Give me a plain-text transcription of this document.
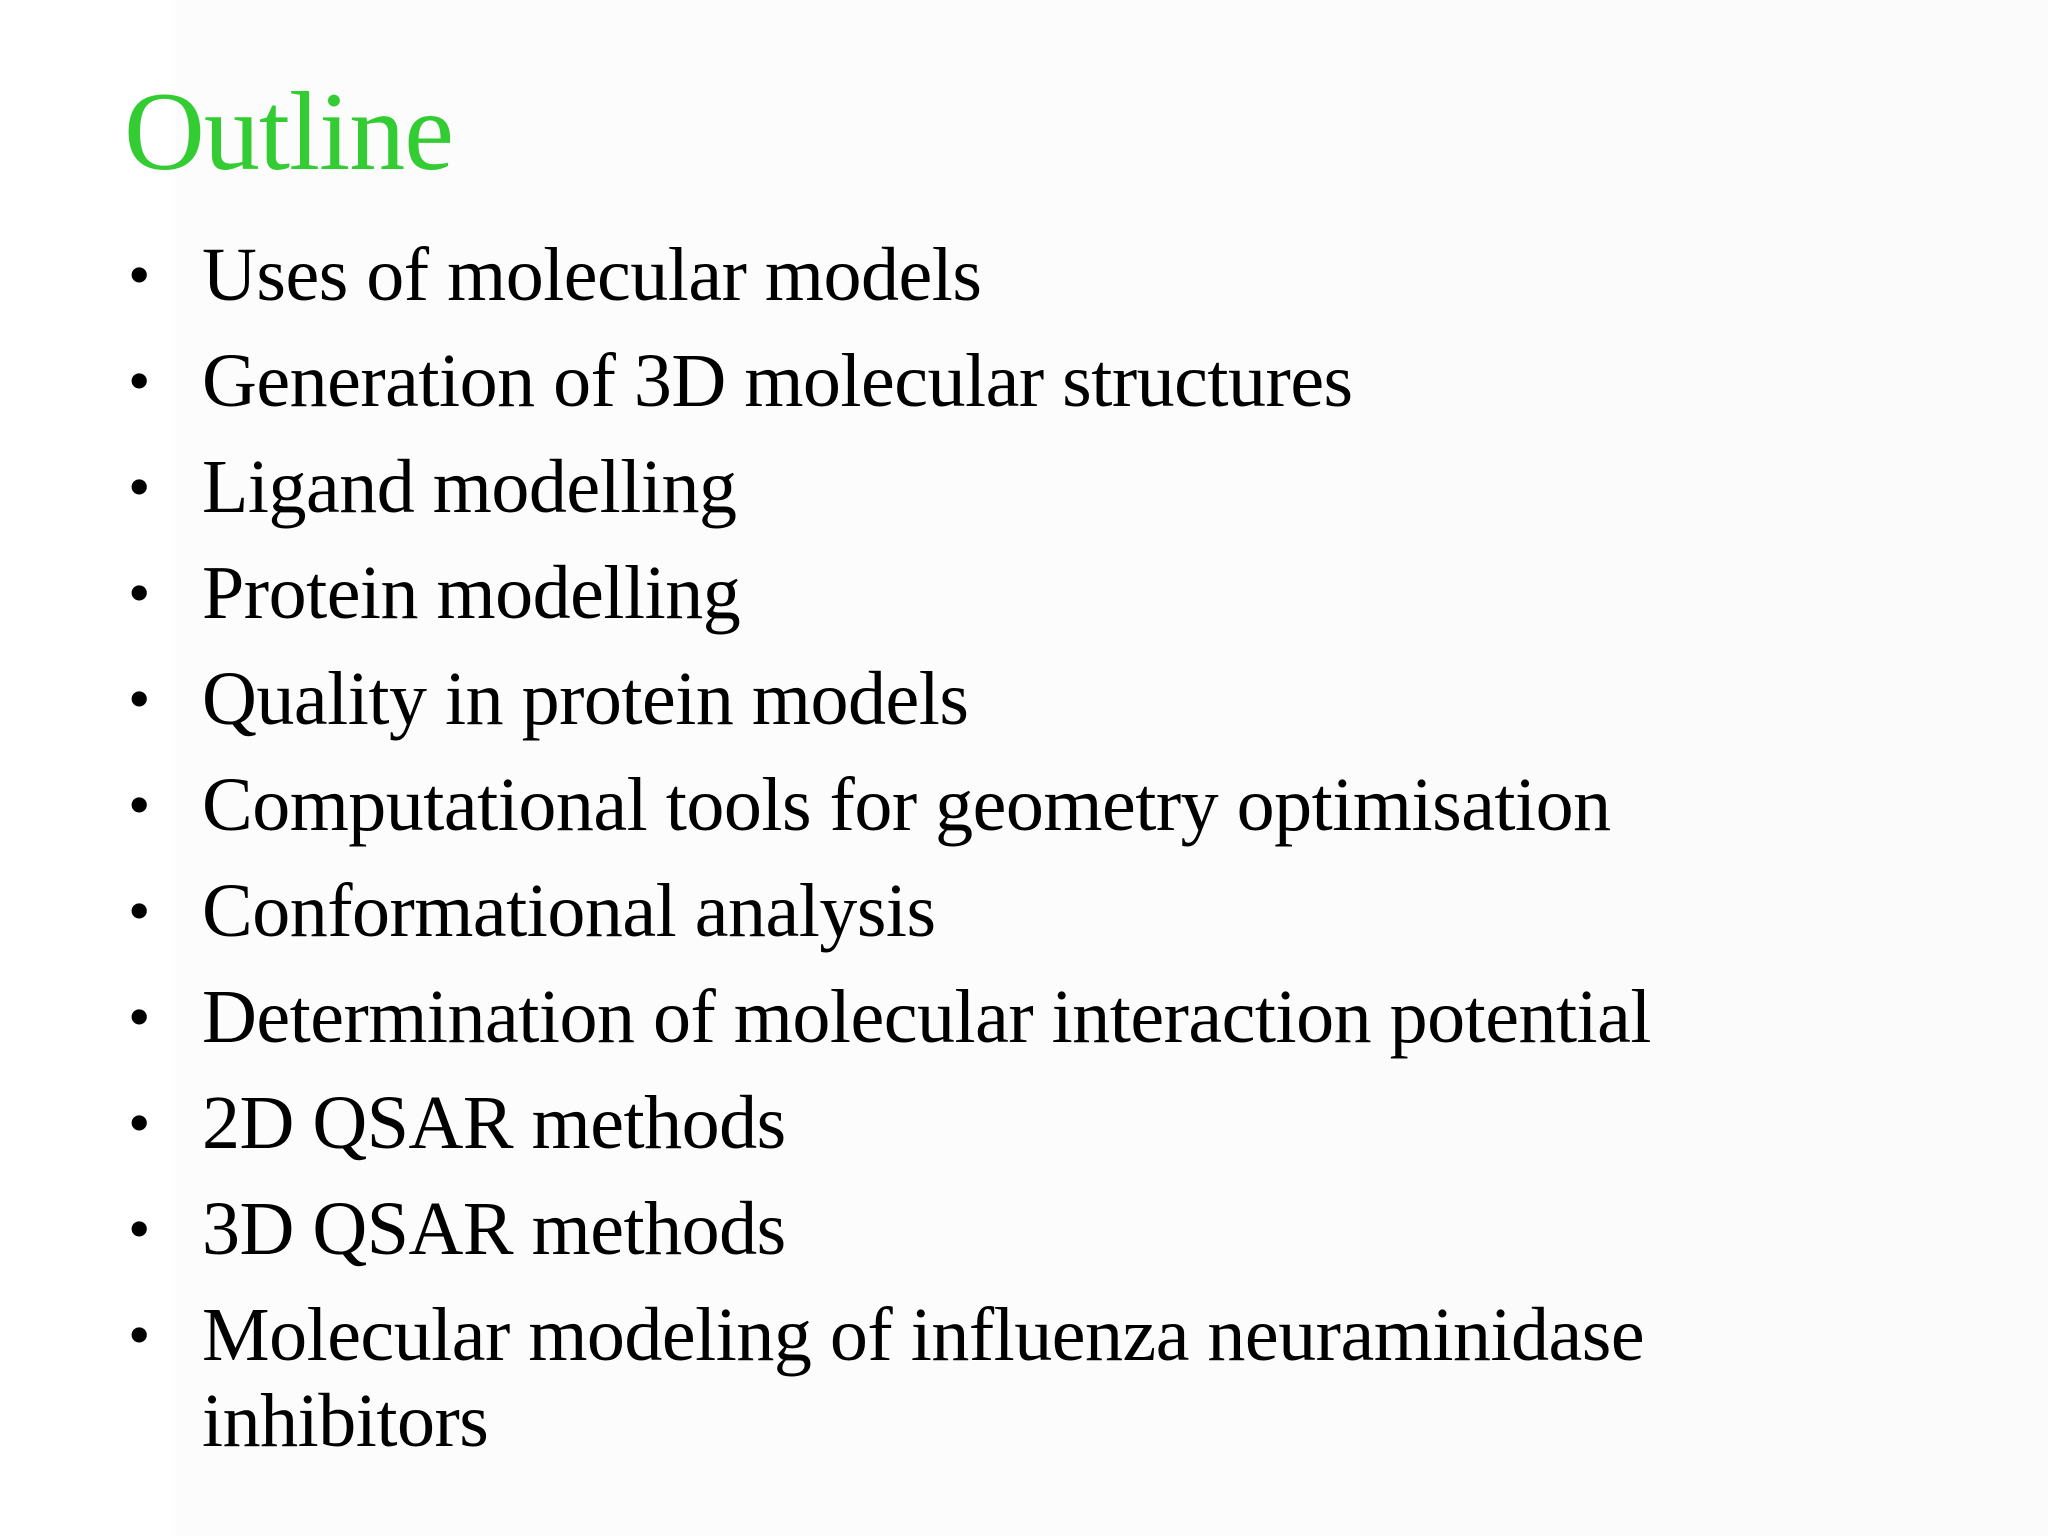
Outline
• Uses of molecular models
• Generation of 3D molecular structures
• Ligand modelling
• Protein modelling
• Quality in protein models
• Computational tools for geometry optimisation
• Conformational analysis
• Determination of molecular interaction potential
• 2D QSAR methods
• 3D QSAR methods
• Molecular modeling of influenza neuraminidase inhibitors
